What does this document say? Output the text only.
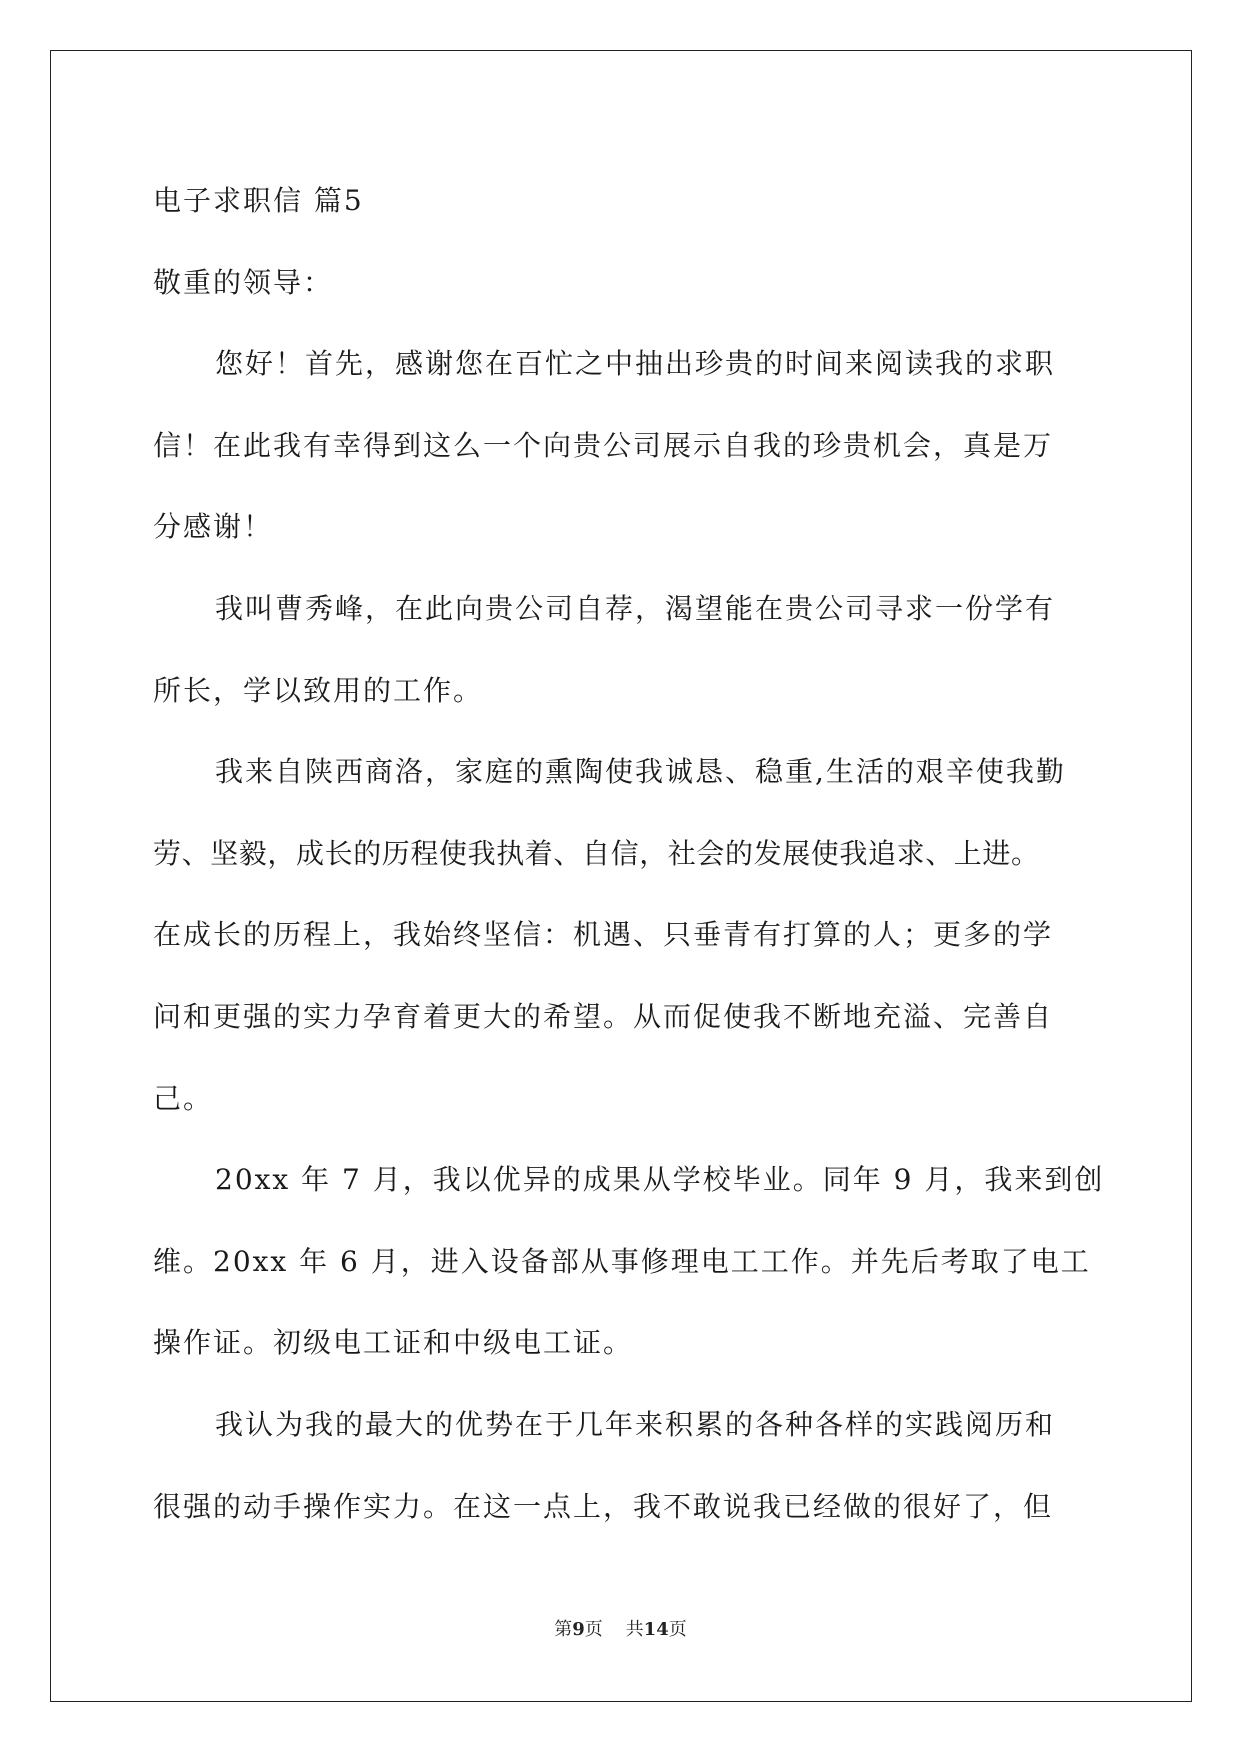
电子求职信 篇5
敬重的领导：
您好！首先，感谢您在百忙之中抽出珍贵的时间来阅读我的求职
信！在此我有幸得到这么一个向贵公司展示自我的珍贵机会，真是万
分感谢！
我叫曹秀峰，在此向贵公司自荐，渴望能在贵公司寻求一份学有
所长，学以致用的工作。
我来自陕西商洛，家庭的熏陶使我诚恳、稳重,生活的艰辛使我勤
劳、坚毅，成长的历程使我执着、自信，社会的发展使我追求、上进。
在成长的历程上，我始终坚信：机遇、只垂青有打算的人；更多的学
问和更强的实力孕育着更大的希望。从而促使我不断地充溢、完善自
己。
20xx 年 7 月，我以优异的成果从学校毕业。同年 9 月，我来到创
维。20xx 年 6 月，进入设备部从事修理电工工作。并先后考取了电工
操作证。初级电工证和中级电工证。
我认为我的最大的优势在于几年来积累的各种各样的实践阅历和
很强的动手操作实力。在这一点上，我不敢说我已经做的很好了，但
第9页 共14页
